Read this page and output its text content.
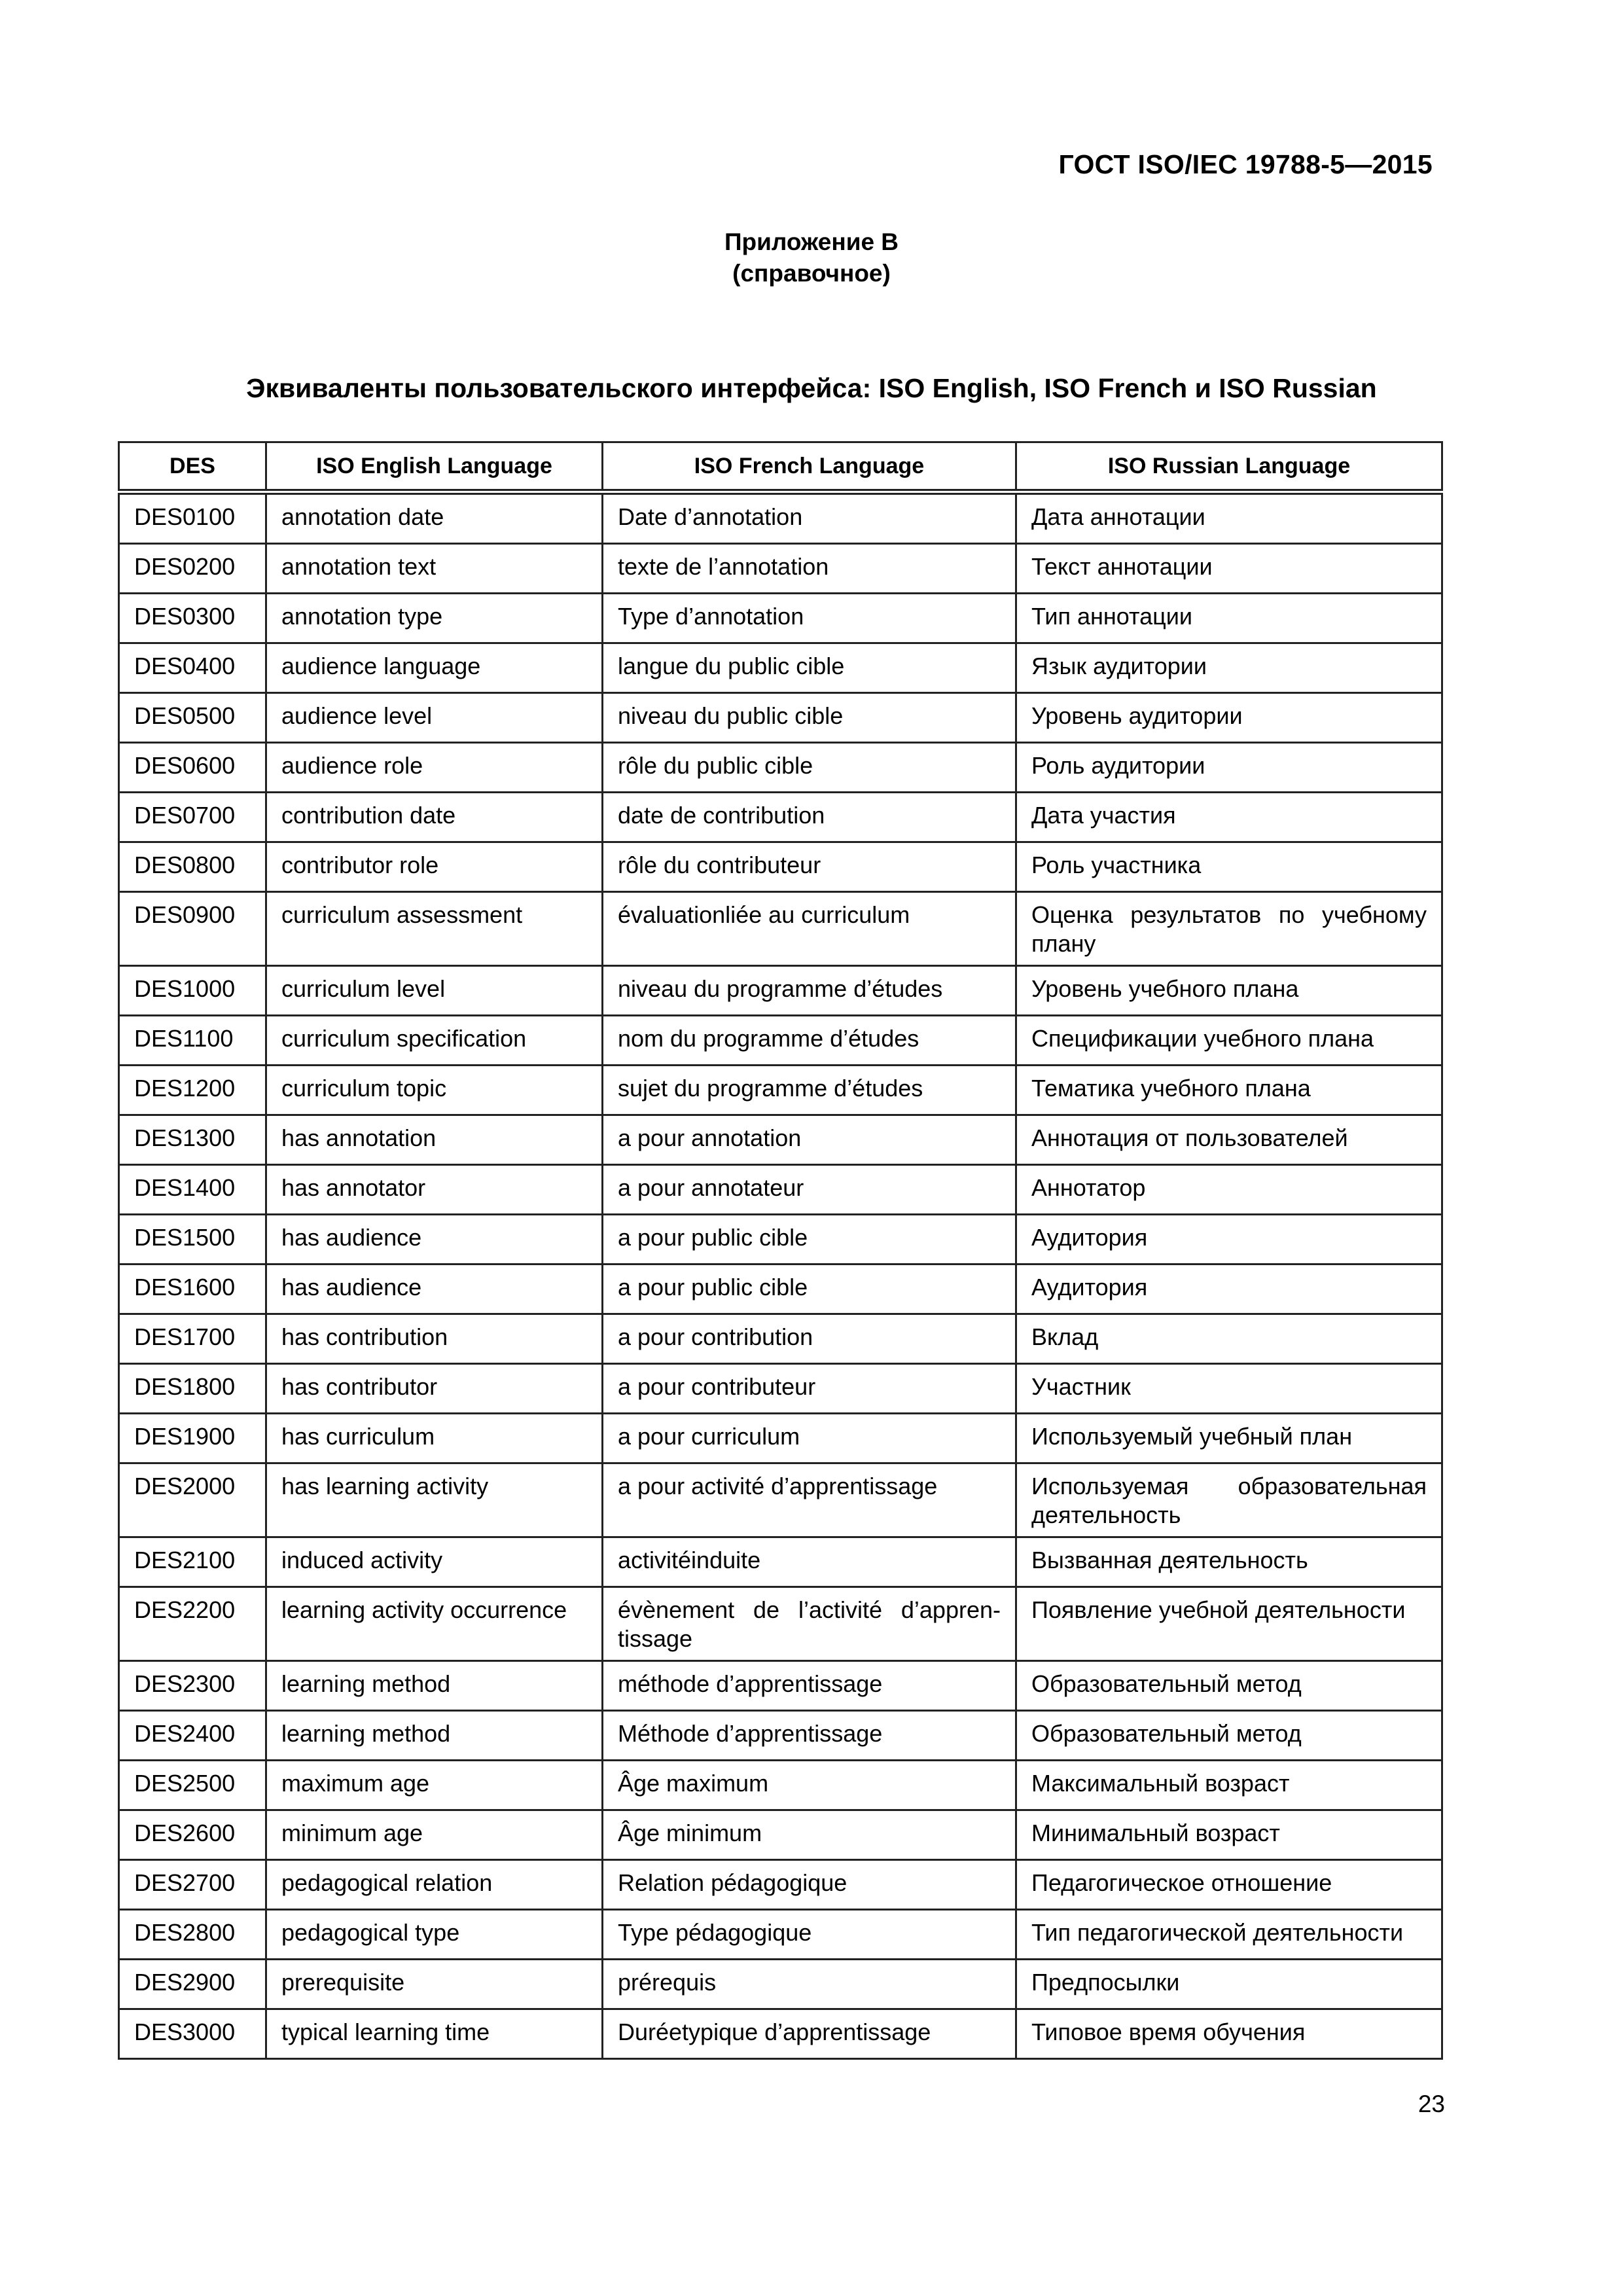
ГОСТ ISO/IEC 19788-5—2015
Приложение В
(справочное)
Эквиваленты пользовательского интерфейса: ISO English, ISO French и ISO Russian
DES	ISO English Language	ISO French Language	ISO Russian Language
DES0100	annotation date	Date d’annotation	Дата аннотации
DES0200	annotation text	texte de l’annotation	Текст аннотации
DES0300	annotation type	Type d’annotation	Тип аннотации
DES0400	audience language	langue du public cible	Язык аудитории
DES0500	audience level	niveau du public cible	Уровень аудитории
DES0600	audience role	rôle du public cible	Роль аудитории
DES0700	contribution date	date de contribution	Дата участия
DES0800	contributor role	rôle du contributeur	Роль участника
DES0900	curriculum assessment	évaluationliée au curriculum	Оценка результатов по учебному плану
DES1000	curriculum level	niveau du programme d’études	Уровень учебного плана
DES1100	curriculum specification	nom du programme d’études	Спецификации учебного плана
DES1200	curriculum topic	sujet du programme d’études	Тематика учебного плана
DES1300	has annotation	a pour annotation	Аннотация от пользователей
DES1400	has annotator	a pour annotateur	Аннотатор
DES1500	has audience	a pour public cible	Аудитория
DES1600	has audience	a pour public cible	Аудитория
DES1700	has contribution	a pour contribution	Вклад
DES1800	has contributor	a pour contributeur	Участник
DES1900	has curriculum	a pour curriculum	Используемый учебный план
DES2000	has learning activity	a pour activité d’apprentissage	Используемая образовательная деятельность
DES2100	induced activity	activitéinduite	Вызванная деятельность
DES2200	learning activity occurrence	évènement de l’activité d’appren-tissage	Появление учебной деятельности
DES2300	learning method	méthode d’apprentissage	Образовательный метод
DES2400	learning method	Méthode d’apprentissage	Образовательный метод
DES2500	maximum age	Âge maximum	Максимальный возраст
DES2600	minimum age	Âge minimum	Минимальный возраст
DES2700	pedagogical relation	Relation pédagogique	Педагогическое отношение
DES2800	pedagogical type	Type pédagogique	Тип педагогической деятельности
DES2900	prerequisite	prérequis	Предпосылки
DES3000	typical learning time	Duréetypique d’apprentissage	Типовое время обучения
23
